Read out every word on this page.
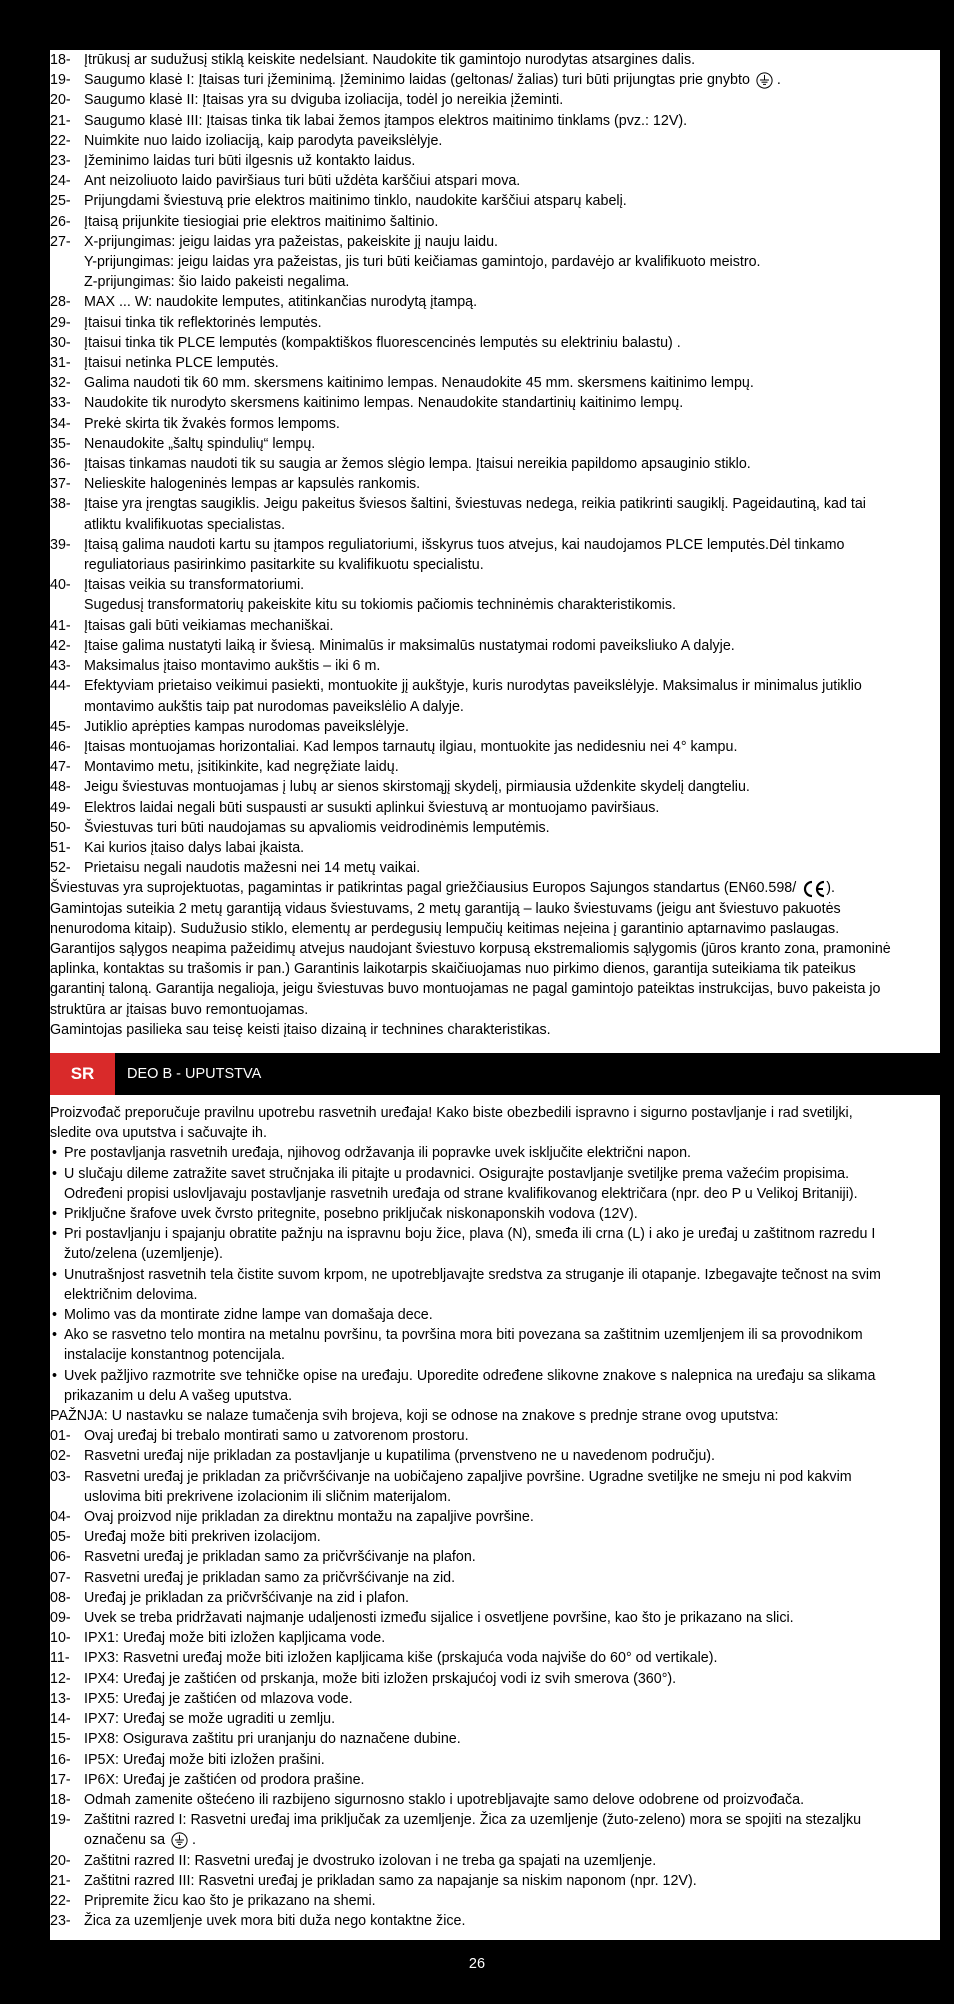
18- Įtrūkusį ar sudužusį stiklą keiskite nedelsiant. Naudokite tik gamintojo nurodytas atsargines dalis.
19- Saugumo klasė I: Įtaisas turi įžeminimą. Įžeminimo laidas (geltonas/ žalias) turi būti prijungtas prie gnybto .
20- Saugumo klasė II: Įtaisas yra su dviguba izoliacija, todėl jo nereikia įžeminti.
21- Saugumo klasė III: Įtaisas tinka tik labai žemos įtampos elektros maitinimo tinklams (pvz.: 12V).
22- Nuimkite nuo laido izoliaciją, kaip parodyta paveikslėlyje.
23- Įžeminimo laidas turi būti ilgesnis už kontakto laidus.
24- Ant neizoliuoto laido paviršiaus turi būti uždėta karščiui atspari mova.
25- Prijungdami šviestuvą prie elektros maitinimo tinklo, naudokite karščiui atsparų kabelį.
26- Įtaisą prijunkite tiesiogiai prie elektros maitinimo šaltinio.
27- X-prijungimas: jeigu laidas yra pažeistas, pakeiskite jį nauju laidu.
Y-prijungimas: jeigu laidas yra pažeistas, jis turi būti keičiamas gamintojo, pardavėjo ar kvalifikuoto meistro.
Z-prijungimas: šio laido pakeisti negalima.
28- MAX ... W: naudokite lemputes, atitinkančias nurodytą įtampą.
29- Įtaisui tinka tik reflektorinės lemputės.
30- Įtaisui tinka tik PLCE lemputės (kompaktiškos fluorescencinės lemputės su elektriniu balastu) .
31- Įtaisui netinka PLCE lemputės.
32- Galima naudoti tik 60 mm. skersmens kaitinimo lempas. Nenaudokite 45 mm. skersmens kaitinimo lempų.
33- Naudokite tik nurodyto skersmens kaitinimo lempas. Nenaudokite standartinių kaitinimo lempų.
34- Prekė skirta tik žvakės formos lempoms.
35- Nenaudokite „šaltų spindulių“ lempų.
36- Įtaisas tinkamas naudoti tik su saugia ar žemos slėgio lempa. Įtaisui nereikia papildomo apsauginio stiklo.
37- Nelieskite halogeninės lempas ar kapsulės rankomis.
38- Įtaise yra įrengtas saugiklis. Jeigu pakeitus šviesos šaltini, šviestuvas nedega, reikia patikrinti saugiklį. Pageidautiną, kad tai
atliktu kvalifikuotas specialistas.
39- Įtaisą galima naudoti kartu su įtampos reguliatoriumi, išskyrus tuos atvejus, kai naudojamos PLCE lemputės.Dėl tinkamo
reguliatoriaus pasirinkimo pasitarkite su kvalifikuotu specialistu.
40- Įtaisas veikia su transformatoriumi.
Sugedusį transformatorių pakeiskite kitu su tokiomis pačiomis techninėmis charakteristikomis.
41- Įtaisas gali būti veikiamas mechaniškai.
42- Įtaise galima nustatyti laiką ir šviesą. Minimalūs ir maksimalūs nustatymai rodomi paveiksliuko A dalyje.
43- Maksimalus įtaiso montavimo aukštis – iki 6 m.
44- Efektyviam prietaiso veikimui pasiekti, montuokite jį aukštyje, kuris nurodytas paveikslėlyje. Maksimalus ir minimalus jutiklio
montavimo aukštis taip pat nurodomas paveikslėlio A dalyje.
45- Jutiklio aprėpties kampas nurodomas paveikslėlyje.
46- Įtaisas montuojamas horizontaliai. Kad lempos tarnautų ilgiau, montuokite jas nedidesniu nei 4° kampu.
47- Montavimo metu, įsitikinkite, kad negręžiate laidų.
48- Jeigu šviestuvas montuojamas į lubų ar sienos skirstomąjį skydelį, pirmiausia uždenkite skydelį dangteliu.
49- Elektros laidai negali būti suspausti ar susukti aplinkui šviestuvą ar montuojamo paviršiaus.
50- Šviestuvas turi būti naudojamas su apvaliomis veidrodinėmis lemputėmis.
51- Kai kurios įtaiso dalys labai įkaista.
52- Prietaisu negali naudotis mažesni nei 14 metų vaikai.
Šviestuvas yra suprojektuotas, pagamintas ir patikrintas pagal griežčiausius Europos Sajungos standartus (EN60.598/ ).
Gamintojas suteikia 2 metų garantiją vidaus šviestuvams, 2 metų garantiją – lauko šviestuvams (jeigu ant šviestuvo pakuotės
nenurodoma kitaip). Sudužusio stiklo, elementų ar perdegusių lempučių keitimas neįeina į garantinio aptarnavimo paslaugas.
Garantijos sąlygos neapima pažeidimų atvejus naudojant šviestuvo korpusą ekstremaliomis sąlygomis (jūros kranto zona, pramoninė
aplinka, kontaktas su trašomis ir pan.) Garantinis laikotarpis skaičiuojamas nuo pirkimo dienos, garantija suteikiama tik pateikus
garantinį taloną. Garantija negalioja, jeigu šviestuvas buvo montuojamas ne pagal gamintojo pateiktas instrukcijas, buvo pakeista jo
struktūra ar įtaisas buvo remontuojamas.
Gamintojas pasilieka sau teisę keisti įtaiso dizainą ir technines charakteristikas.
SR	DEO B - UPUTSTVA
Proizvođač preporučuje pravilnu upotrebu rasvetnih uređaja! Kako biste obezbedili ispravno i sigurno postavljanje i rad svetiljki,
sledite ova uputstva i sačuvajte ih.
• Pre postavljanja rasvetnih uređaja, njihovog održavanja ili popravke uvek isključite električni napon.
• U slučaju dileme zatražite savet stručnjaka ili pitajte u prodavnici. Osigurajte postavljanje svetiljke prema važećim propisima.
Određeni propisi uslovljavaju postavljanje rasvetnih uređaja od strane kvalifikovanog električara (npr. deo P u Velikoj Britaniji).
• Priključne šrafove uvek čvrsto pritegnite, posebno priključak niskonaponskih vodova (12V).
• Pri postavljanju i spajanju obratite pažnju na ispravnu boju žice, plava (N), smeđa ili crna (L) i ako je uređaj u zaštitnom razredu I
žuto/zelena (uzemljenje).
• Unutrašnjost rasvetnih tela čistite suvom krpom, ne upotrebljavajte sredstva za struganje ili otapanje. Izbegavajte tečnost na svim
električnim delovima.
• Molimo vas da montirate zidne lampe van domašaja dece.
• Ako se rasvetno telo montira na metalnu površinu, ta površina mora biti povezana sa zaštitnim uzemljenjem ili sa provodnikom
instalacije konstantnog potencijala.
• Uvek pažljivo razmotrite sve tehničke opise na uređaju. Uporedite određene slikovne znakove s nalepnica na uređaju sa slikama
prikazanim u delu A vašeg uputstva.
PAŽNJA: U nastavku se nalaze tumačenja svih brojeva, koji se odnose na znakove s prednje strane ovog uputstva:
01- Ovaj uređaj bi trebalo montirati samo u zatvorenom prostoru.
02- Rasvetni uređaj nije prikladan za postavljanje u kupatilima (prvenstveno ne u navedenom području).
03- Rasvetni uređaj je prikladan za pričvršćivanje na uobičajeno zapaljive površine. Ugradne svetiljke ne smeju ni pod kakvim
uslovima biti prekrivene izolacionim ili sličnim materijalom.
04- Ovaj proizvod nije prikladan za direktnu montažu na zapaljive površine.
05- Uređaj može biti prekriven izolacijom.
06- Rasvetni uređaj je prikladan samo za pričvršćivanje na plafon.
07- Rasvetni uređaj je prikladan samo za pričvršćivanje na zid.
08- Uređaj je prikladan za pričvršćivanje na zid i plafon.
09- Uvek se treba pridržavati najmanje udaljenosti između sijalice i osvetljene površine, kao što je prikazano na slici.
10- IPX1: Uređaj može biti izložen kapljicama vode.
11- IPX3: Rasvetni uređaj može biti izložen kapljicama kiše (prskajuća voda najviše do 60° od vertikale).
12- IPX4: Uređaj je zaštićen od prskanja, može biti izložen prskajućoj vodi iz svih smerova (360°).
13- IPX5: Uređaj je zaštićen od mlazova vode.
14- IPX7: Uređaj se može ugraditi u zemlju.
15- IPX8: Osigurava zaštitu pri uranjanju do naznačene dubine.
16- IP5X: Uređaj može biti izložen prašini.
17- IP6X: Uređaj je zaštićen od prodora prašine.
18- Odmah zamenite oštećeno ili razbijeno sigurnosno staklo i upotrebljavajte samo delove odobrene od proizvođača.
19- Zaštitni razred I: Rasvetni uređaj ima priključak za uzemljenje. Žica za uzemljenje (žuto-zeleno) mora se spojiti na stezaljku
označenu sa .
20- Zaštitni razred II: Rasvetni uređaj je dvostruko izolovan i ne treba ga spajati na uzemljenje.
21- Zaštitni razred III: Rasvetni uređaj je prikladan samo za napajanje sa niskim naponom (npr. 12V).
22- Pripremite žicu kao što je prikazano na shemi.
23- Žica za uzemljenje uvek mora biti duža nego kontaktne žice.
26
